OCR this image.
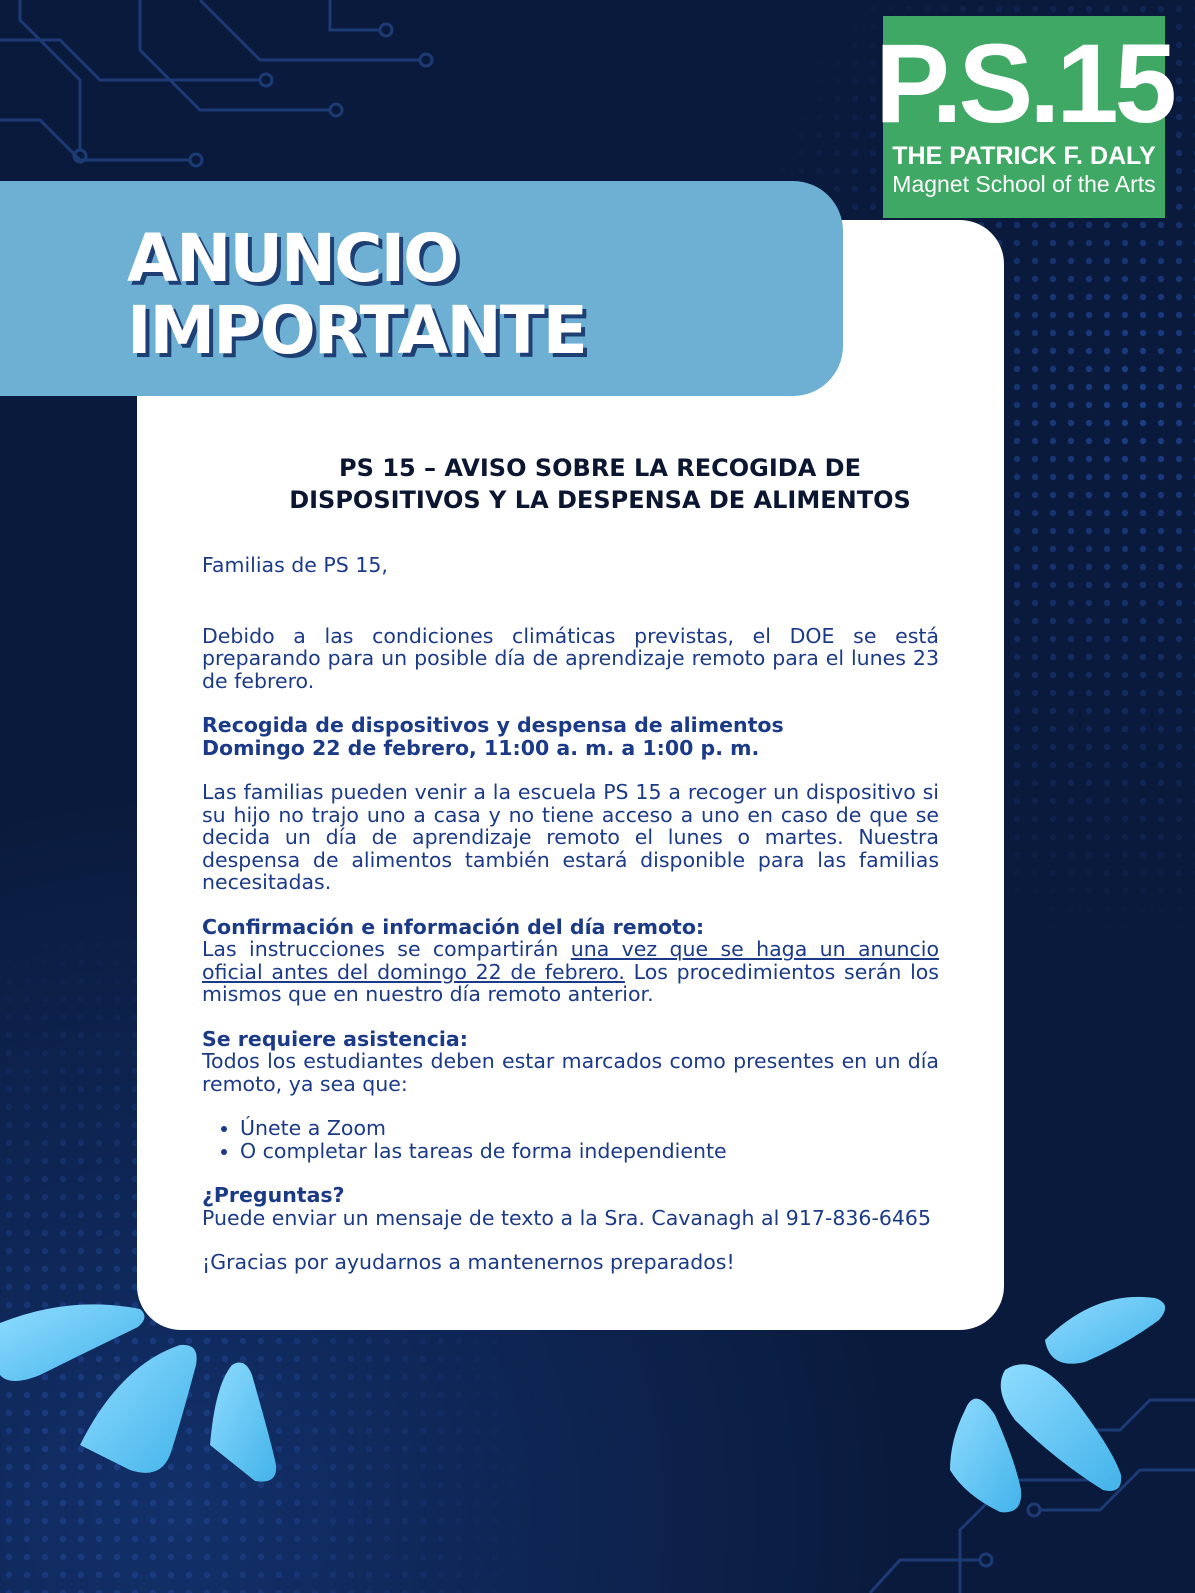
P.S.15
THE PATRICK F. DALY
Magnet School of the Arts
ANUNCIO
IMPORTANTE
PS 15 – AVISO SOBRE LA RECOGIDA DE
DISPOSITIVOS Y LA DESPENSA DE ALIMENTOS

Familias de PS 15,

Debido a las condiciones climáticas previstas, el DOE se está preparando para un posible día de aprendizaje remoto para el lunes 23 de febrero.

Recogida de dispositivos y despensa de alimentos

Domingo 22 de febrero, 11:00 a. m. a 1:00 p. m.

Las familias pueden venir a la escuela PS 15 a recoger un dispositivo si su hijo no trajo uno a casa y no tiene acceso a uno en caso de que se decida un día de aprendizaje remoto el lunes o martes. Nuestra despensa de alimentos también estará disponible para las familias necesitadas.

Confirmación e información del día remoto:

Las instrucciones se compartirán una vez que se haga un anuncio oficial antes del domingo 22 de febrero. Los procedimientos serán los mismos que en nuestro día remoto anterior.

Se requiere asistencia:

Todos los estudiantes deben estar marcados como presentes en un día remoto, ya sea que:

• Únete a Zoom
• O completar las tareas de forma independiente

¿Preguntas?

Puede enviar un mensaje de texto a la Sra. Cavanagh al 917-836-6465

¡Gracias por ayudarnos a mantenernos preparados!
